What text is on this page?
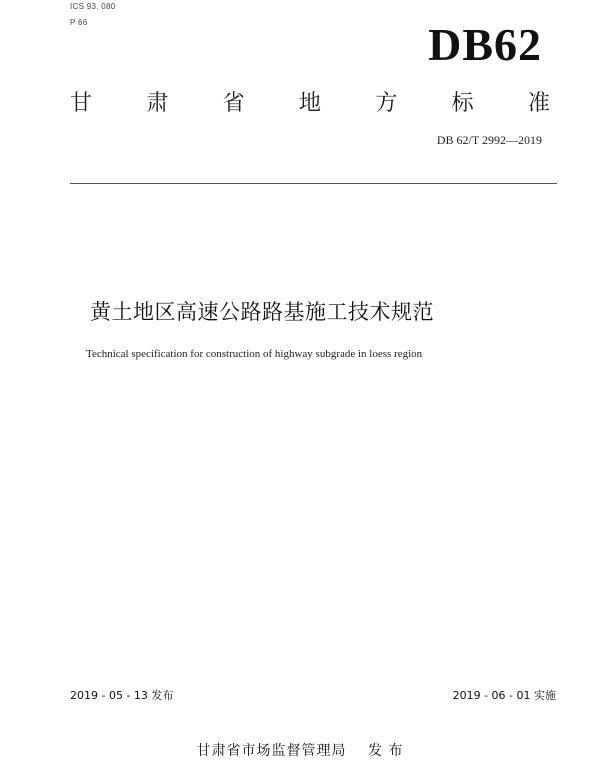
ICS 93. 080
P 66	DB62
甘 肃 省 地 方 标 准
DB 62/T 2992—2019
黄土地区高速公路路基施工技术规范
Technical specification for construction of highway subgrade in loess region
2019 - 05 - 13 发布	2019 - 06 - 01 实施
甘肃省市场监督管理局 发 布
